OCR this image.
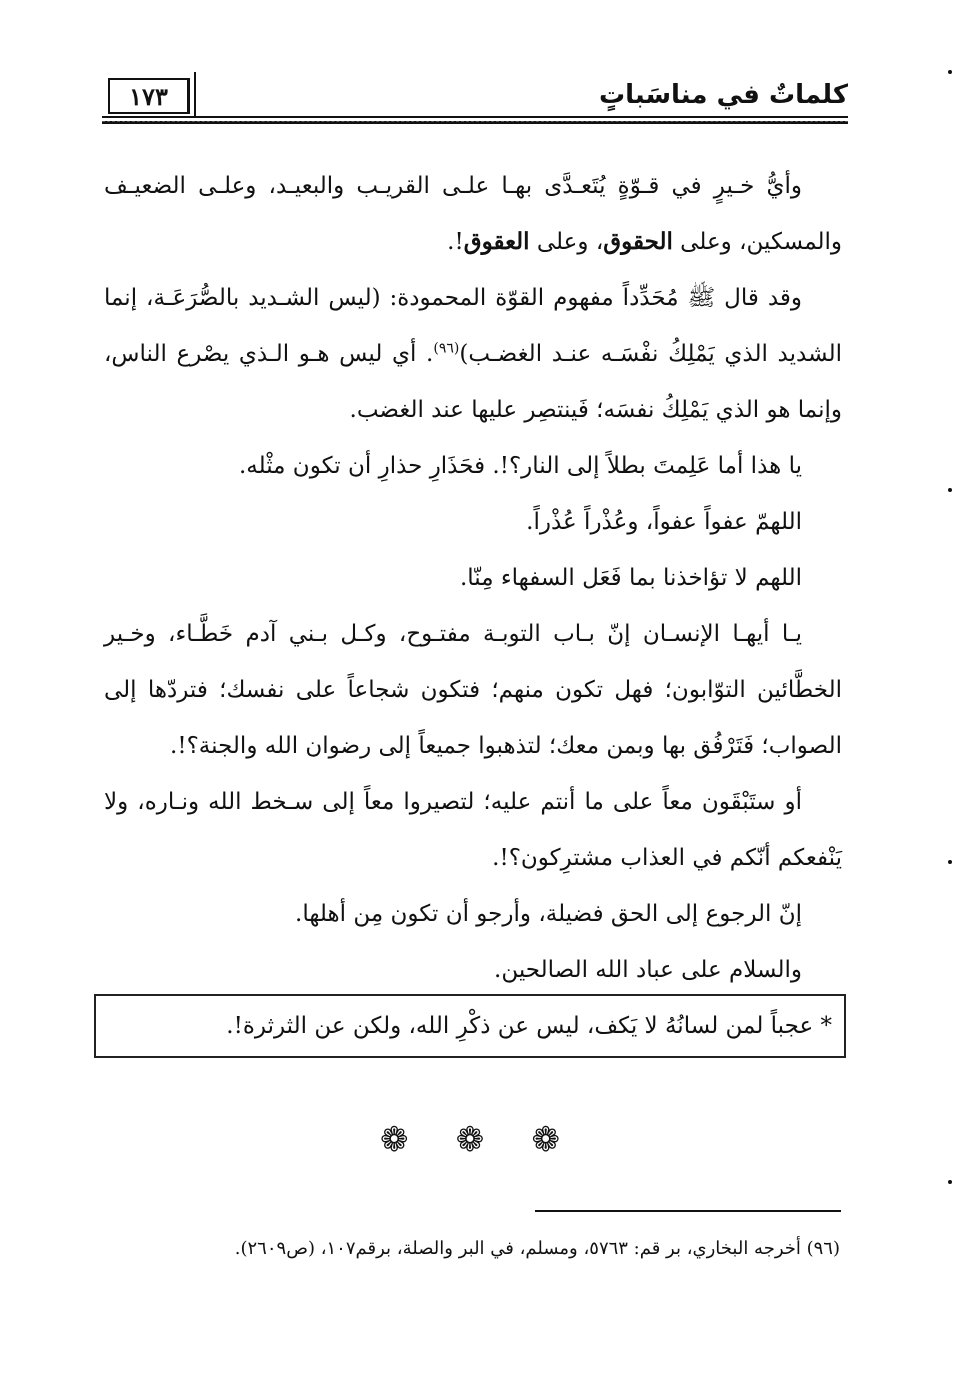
١٧٣	كلماتٌ في مناسَباتٍ

وأيُّ خـيرٍ في قـوّةٍ يُتَعـدَّى بهـا علـى القريـب والبعيـد، وعلـى الضعيـف والمسكين، وعلى الحقوق، وعلى العقوق!.

وقد قال ﷺ مُحَدِّداً مفهوم القوّة المحمودة: (ليس الشـديد بالصُّرَعَـة، إنما الشديد الذي يَمْلِكُ نفْسَـه عنـد الغضـب)$^{(٩٦)}$. أي ليس هـو الـذي يصْرع الناس، وإنما هو الذي يَمْلِكُ نفسَه؛ فَينتصِر عليها عند الغضب.

يا هذا أما عَلِمتَ بطلاً إلى النار؟!. فحَذَارِ حذارِ أن تكون مثْله.

اللهمّ عفواً عفواً، وعُذْراً عُذْراً.

اللهم لا تؤاخذنا بما فَعَل السفهاء مِنّا.

يـا أيهـا الإنسـان إنّ بـاب التوبـة مفتـوح، وكـل بـني آدم خَطَّـاء، وخـير الخطَّائين التوّابون؛ فهل تكون منهم؛ فتكون شجاعاً على نفسك؛ فتردّها إلى الصواب؛ فَتَرْفُق بها وبمن معك؛ لتذهبوا جميعاً إلى رضوان الله والجنة؟!.

أو ستَبْقَون معاً على ما أنتم عليه؛ لتصيروا معاً إلى سـخط الله ونـاره، ولا يَنْفعكم أنّكم في العذاب مشترِكون؟!.

إنّ الرجوع إلى الحق فضيلة، وأرجو أن تكون مِن أهلها.

والسلام على عباد الله الصالحين.

* عجباً لمن لسانُهُ لا يَكف، ليس عن ذكْرِ الله، ولكن عن الثرثرة!.
❁ ❁ ❁
(٩٦) أخرجه البخاري، بر قم: ٥٧٦٣، ومسلم، في البر والصلة، برقم١٠٧، (ص٢٦٠٩).
